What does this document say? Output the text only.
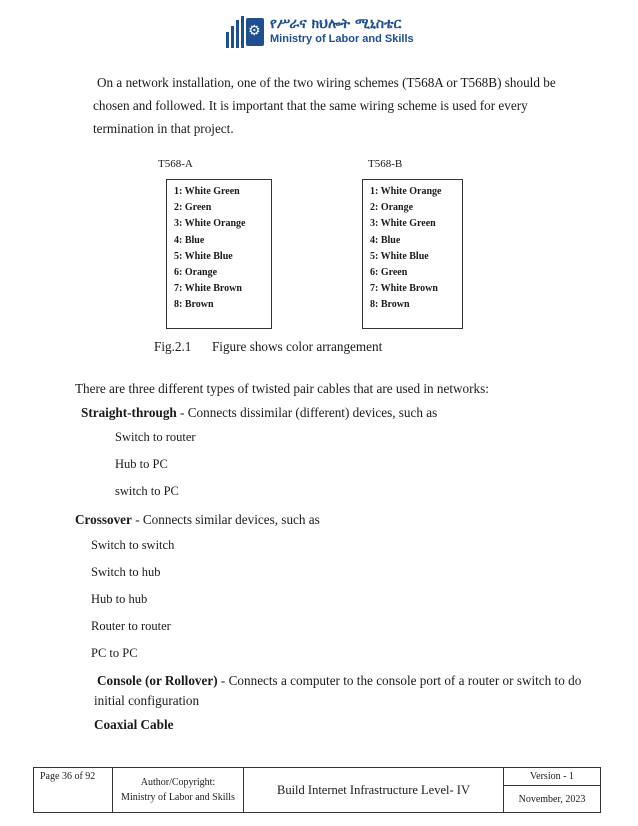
⚙
የሥራና ክህሎት ሚኒስቴር
Ministry of Labor and Skills
On a network installation, one of the two wiring schemes (T568A or T568B) should be
chosen and followed. It is important that the same wiring scheme is used for every
termination in that project.
T568-A	T568-B
1: White Green
2: Green
3: White Orange
4: Blue
5: White Blue
6: Orange
7: White Brown
8: Brown
1: White Orange
2: Orange
3: White Green
4: Blue
5: White Blue
6: Green
7: White Brown
8: Brown
Fig.2.1 Figure shows color arrangement
There are three different types of twisted pair cables that are used in networks:
Straight-through - Connects dissimilar (different) devices, such as
Switch to router
Hub to PC
switch to PC
Crossover - Connects similar devices, such as
Switch to switch
Switch to hub
Hub to hub
Router to router
PC to PC
Console (or Rollover) - Connects a computer to the console port of a router or switch to do
initial configuration
Coaxial Cable
Page 36 of 92	
Author/Copyright:
Ministry of Labor and Skills
	Build Internet Infrastructure Level- IV	Version - 1
November, 2023
